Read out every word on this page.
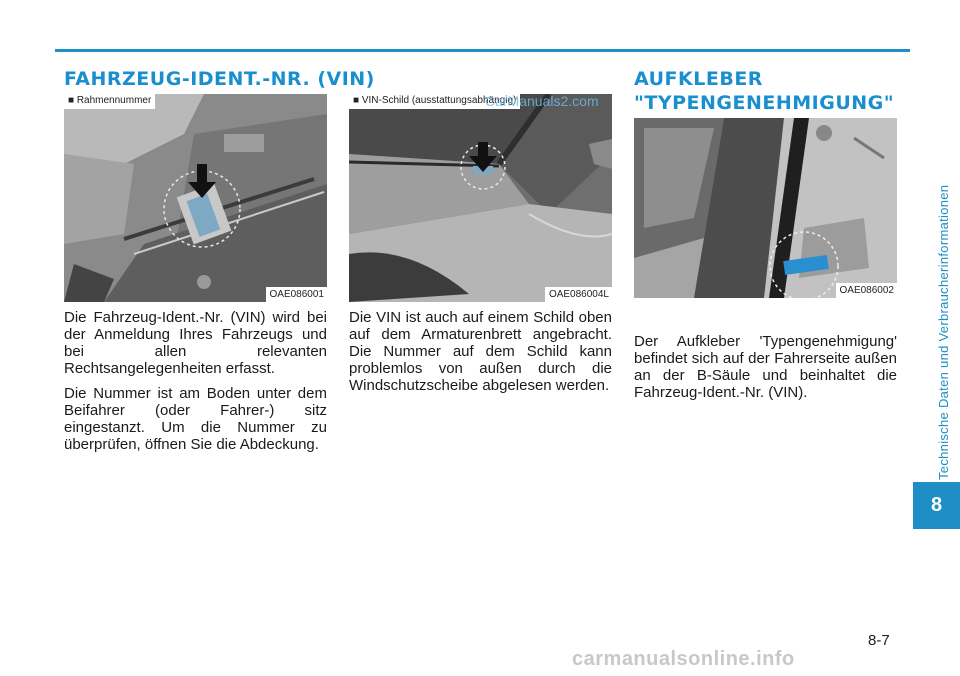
FAHRZEUG-IDENT.-NR. (VIN)	AUFKLEBER
"TYPENGENEHMIGUNG"
■ Rahmennummer
OAE086001
■ VIN-Schild (ausstattungsabhängig)
OAE086004L	OAE086002

Die Fahrzeug-Ident.-Nr. (VIN) wird bei der Anmeldung Ihres Fahrzeugs und bei allen relevanten Rechtsangelegenheiten erfasst.

Die Nummer ist am Boden unter dem Beifahrer (oder Fahrer-) sitz eingestanzt. Um die Nummer zu überprüfen, öffnen Sie die Abdeckung.

Die VIN ist auch auf einem Schild oben auf dem Armaturenbrett angebracht. Die Nummer auf dem Schild kann problemlos von außen durch die Windschutzscheibe abgelesen werden.

Der Aufkleber 'Typengenehmigung' befindet sich auf der Fahrerseite außen an der B-Säule und beinhaltet die Fahrzeug-Ident.-Nr. (VIN).	Technische Daten und Verbraucherinformationen
8
8-7
CarManuals2.com
carmanualsonline.info
